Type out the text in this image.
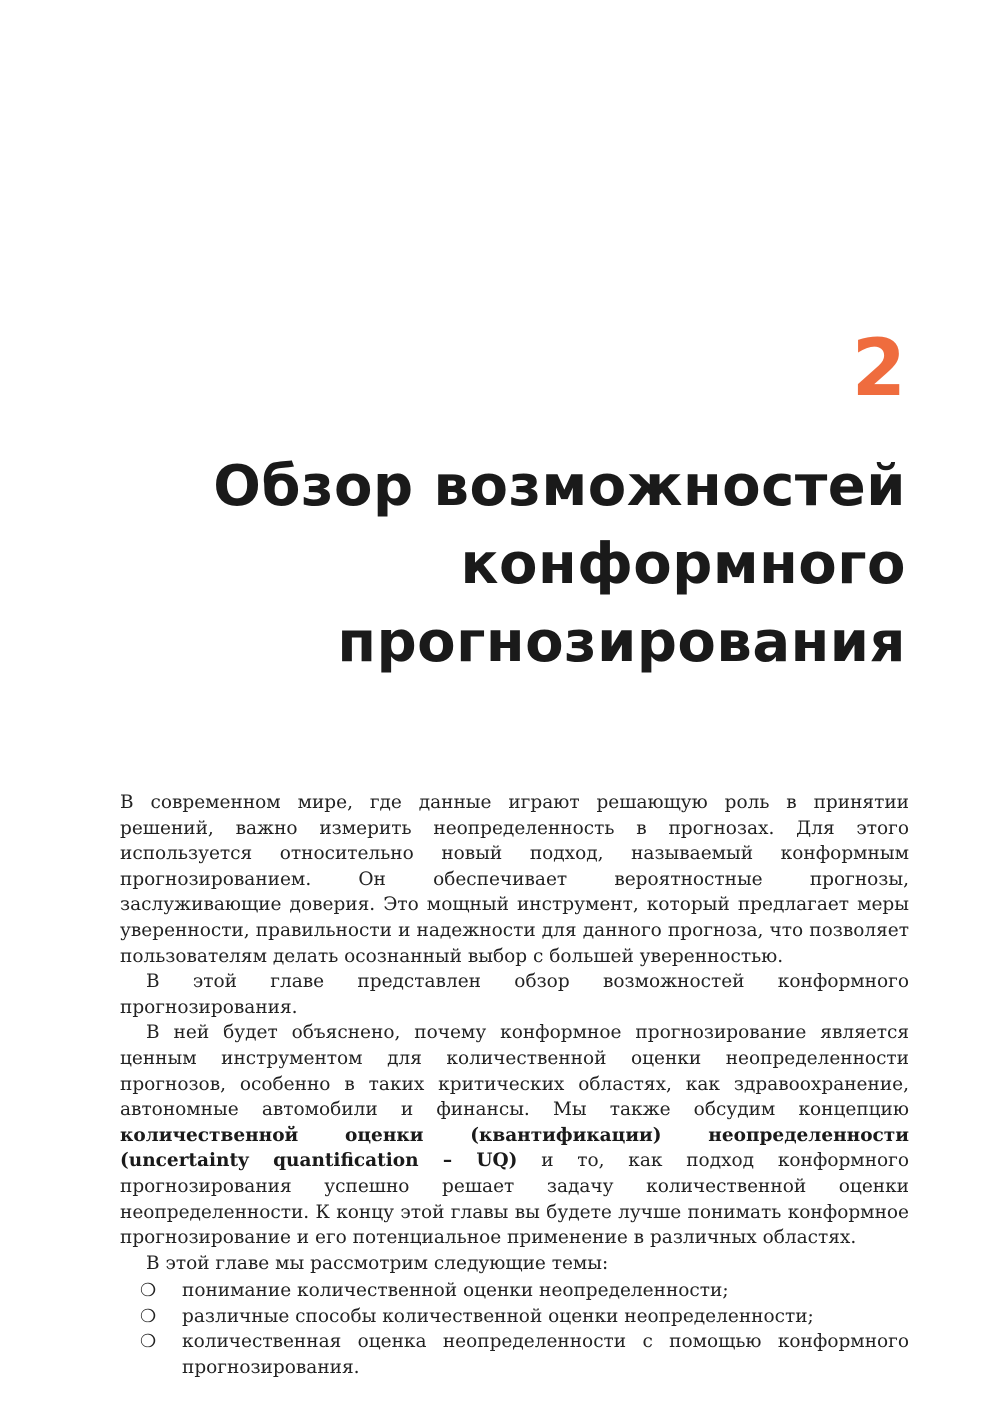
2
Обзор возможностей
конформного
прогнозирования

В современном мире, где данные играют решающую роль в принятии решений, важно измерить неопределенность в прогнозах. Для этого используется относительно новый подход, называемый конформным прогнозированием. Он обеспечивает вероятностные прогнозы, заслуживающие доверия. Это мощный инструмент, который предлагает меры уверенности, правильности и надежности для данного прогноза, что позволяет пользователям делать осознанный выбор с большей уверенностью.

В этой главе представлен обзор возможностей конформного прогнозирования.

В ней будет объяснено, почему конформное прогнозирование является ценным инструментом для количественной оценки неопределенности прогнозов, особенно в таких критических областях, как здравоохранение, автономные автомобили и финансы. Мы также обсудим концепцию количественной оценки (квантификации) неопределенности (uncertainty quantification – UQ) и то, как подход конформного прогнозирования успешно решает задачу количественной оценки неопределенности. К концу этой главы вы будете лучше понимать конформное прогнозирование и его потенциальное применение в различных областях.

В этой главе мы рассмотрим следующие темы:

❍ понимание количественной оценки неопределенности;
❍ различные способы количественной оценки неопределенности;
❍ количественная оценка неопределенности с помощью конформного прогнозирования.
